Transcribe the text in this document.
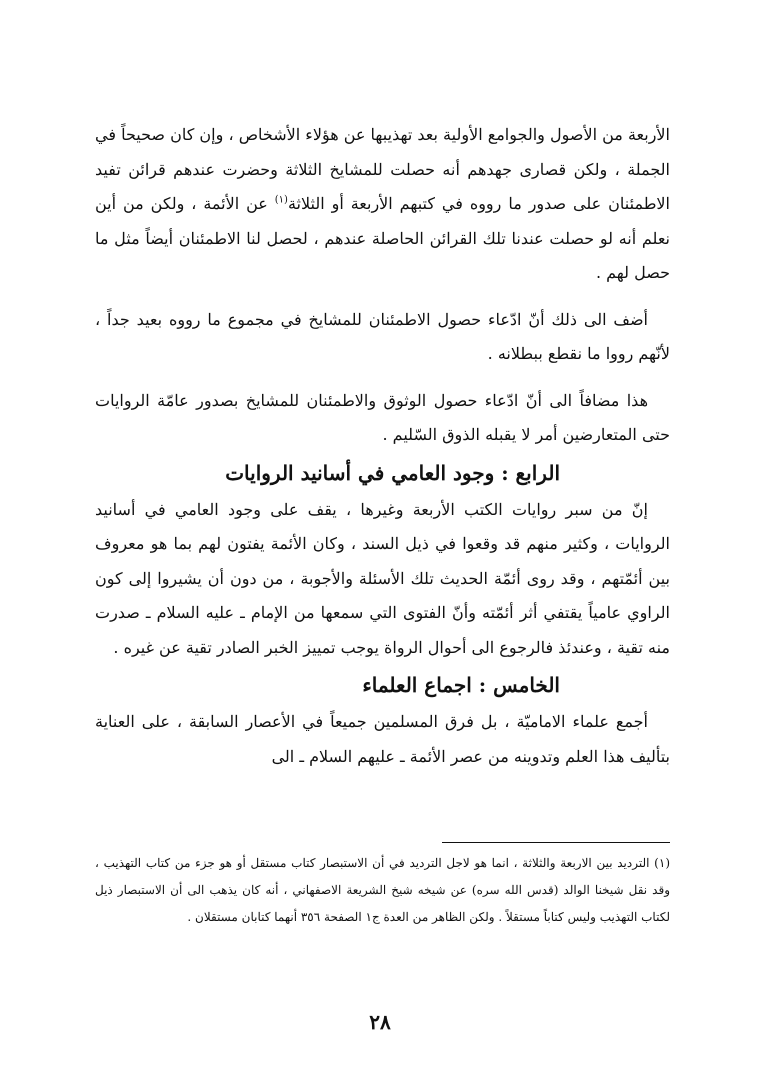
الأربعة من الأصول والجوامع الأولية بعد تهذيبها عن هؤلاء الأشخاص ، وإن كان صحيحاً في الجملة ، ولكن قصارى جهدهم أنه حصلت للمشايخ الثلاثة وحضرت عندهم قرائن تفيد الاطمئنان على صدور ما رووه في كتبهم الأربعة أو الثلاثة$^{(١)}$ عن الأئمة ، ولكن من أين نعلم أنه لو حصلت عندنا تلك القرائن الحاصلة عندهم ، لحصل لنا الاطمئنان أيضاً مثل ما حصل لهم .

أضف الى ذلك أنّ ادّعاء حصول الاطمئنان للمشايخ في مجموع ما رووه بعيد جداً ، لأنّهم رووا ما نقطع ببطلانه .

هذا مضافاً الى أنّ ادّعاء حصول الوثوق والاطمئنان للمشايخ بصدور عامّة الروايات حتى المتعارضين أمر لا يقبله الذوق السّليم .

الرابع : وجود العامي في أسانيد الروايات

إنّ من سبر روايات الكتب الأربعة وغيرها ، يقف على وجود العامي في أسانيد الروايات ، وكثير منهم قد وقعوا في ذيل السند ، وكان الأئمة يفتون لهم بما هو معروف بين أئمّتهم ، وقد روى أئمّة الحديث تلك الأسئلة والأجوبة ، من دون أن يشيروا إلى كون الراوي عامياً يقتفي أثر أئمّته وأنّ الفتوى التي سمعها من الإمام ـ عليه السلام ـ صدرت منه تقية ، وعندئذ فالرجوع الى أحوال الرواة يوجب تمييز الخبر الصادر تقية عن غيره .

الخامس : اجماع العلماء

أجمع علماء الاماميّة ، بل فرق المسلمين جميعاً في الأعصار السابقة ، على العناية بتأليف هذا العلم وتدوينه من عصر الأئمة ـ عليهم السلام ـ الى

(١) الترديد بين الاربعة والثلاثة ، انما هو لاجل الترديد في أن الاستبصار كتاب مستقل أو هو جزء من كتاب التهذيب ، وقد نقل شيخنا الوالد (قدس الله سره) عن شيخه شيخ الشريعة الاصفهاني ، أنه كان يذهب الى أن الاستبصار ذيل لكتاب التهذيب وليس كتاباً مستقلاً . ولكن الظاهر من العدة ج١ الصفحة ٣٥٦ أنهما كتابان مستقلان .

٢٨
